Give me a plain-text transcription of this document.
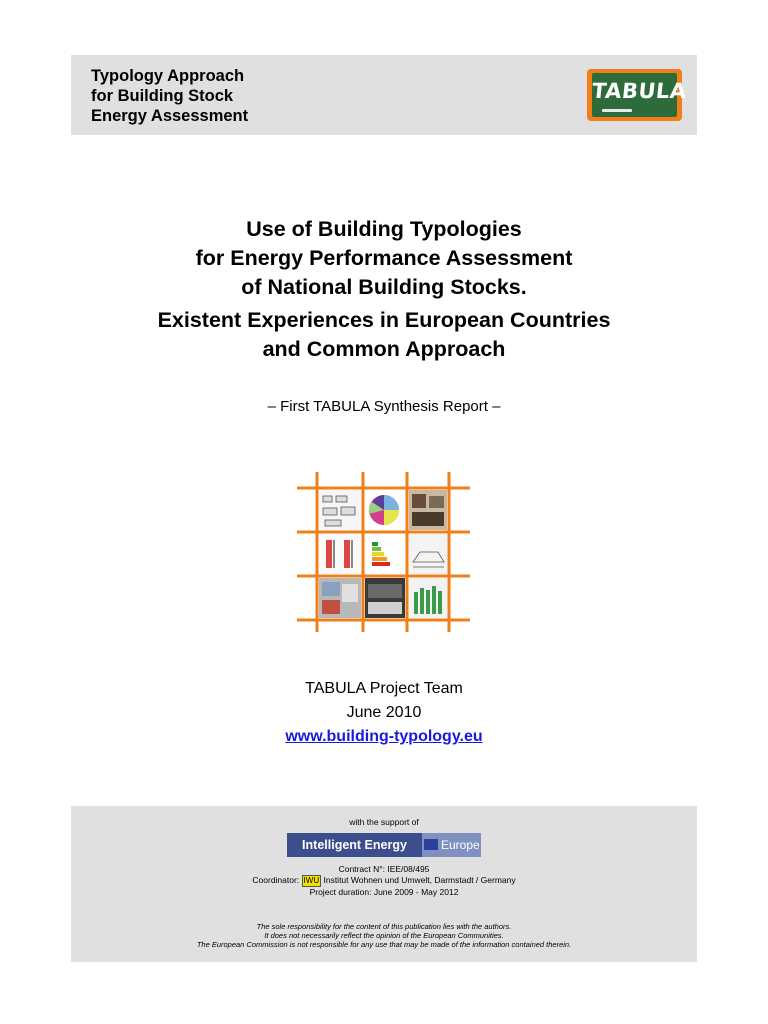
Typology Approach
for Building Stock
Energy Assessment
TABULA
Use of Building Typologies
for Energy Performance Assessment
of National Building Stocks.
Existent Experiences in European Countries
and Common Approach
– First TABULA Synthesis Report –
TABULA Project Team
June 2010
www.building-typology.eu
with the support of
Intelligent Energy	Europe
Contract N°: IEE/08/495
Coordinator: IWU Institut Wohnen und Umwelt, Darmstadt / Germany
Project duration: June 2009 - May 2012
The sole responsibility for the content of this publication lies with the authors.
It does not necessarily reflect the opinion of the European Communities.
The European Commission is not responsible for any use that may be made of the information contained therein.
